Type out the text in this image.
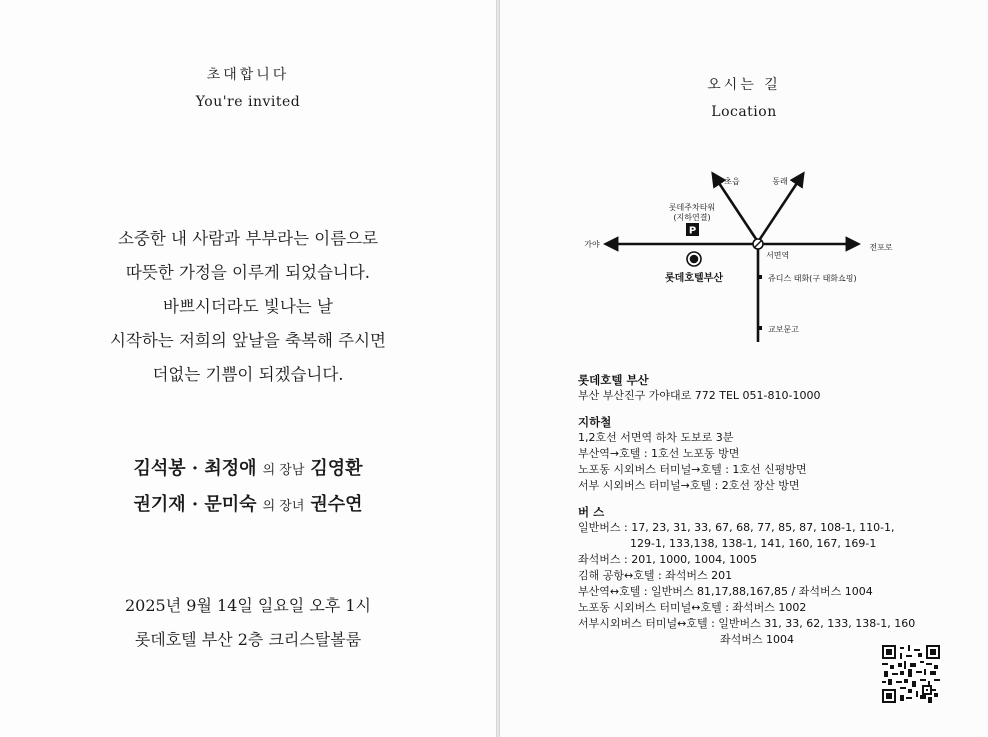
초대합니다
You're invited
소중한 내 사람과 부부라는 이름으로
따뜻한 가정을 이루게 되었습니다.
바쁘시더라도 빛나는 날
시작하는 저희의 앞날을 축복해 주시면
더없는 기쁨이 되겠습니다.
김석봉 · 최정애 의 장남 김영환
권기재 · 문미숙 의 장녀 권수연
2025년 9월 14일 일요일 오후 1시
롯데호텔 부산 2층 크리스탈볼룸
오시는 길
Location
P
초읍	동래
가야	전포로
롯데주차타워
(지하연결)
롯데호텔부산
서면역
쥬디스 태화(구 태화쇼핑)
교보문고
롯데호텔 부산
부산 부산진구 가야대로 772 TEL 051-810-1000
지하철
1,2호선 서면역 하차 도보로 3분
부산역→호텔 : 1호선 노포동 방면
노포동 시외버스 터미널→호텔 : 1호선 신평방면
서부 시외버스 터미널→호텔 : 2호선 장산 방면
버 스
일반버스 : 17, 23, 31, 33, 67, 68, 77, 85, 87, 108-1, 110-1,
129-1, 133,138, 138-1, 141, 160, 167, 169-1
좌석버스 : 201, 1000, 1004, 1005
김해 공항↔호텔 : 좌석버스 201
부산역↔호텔 : 일반버스 81,17,88,167,85 / 좌석버스 1004
노포동 시외버스 터미널↔호텔 : 좌석버스 1002
서부시외버스 터미널↔호텔 : 일반버스 31, 33, 62, 133, 138-1, 160
좌석버스 1004
